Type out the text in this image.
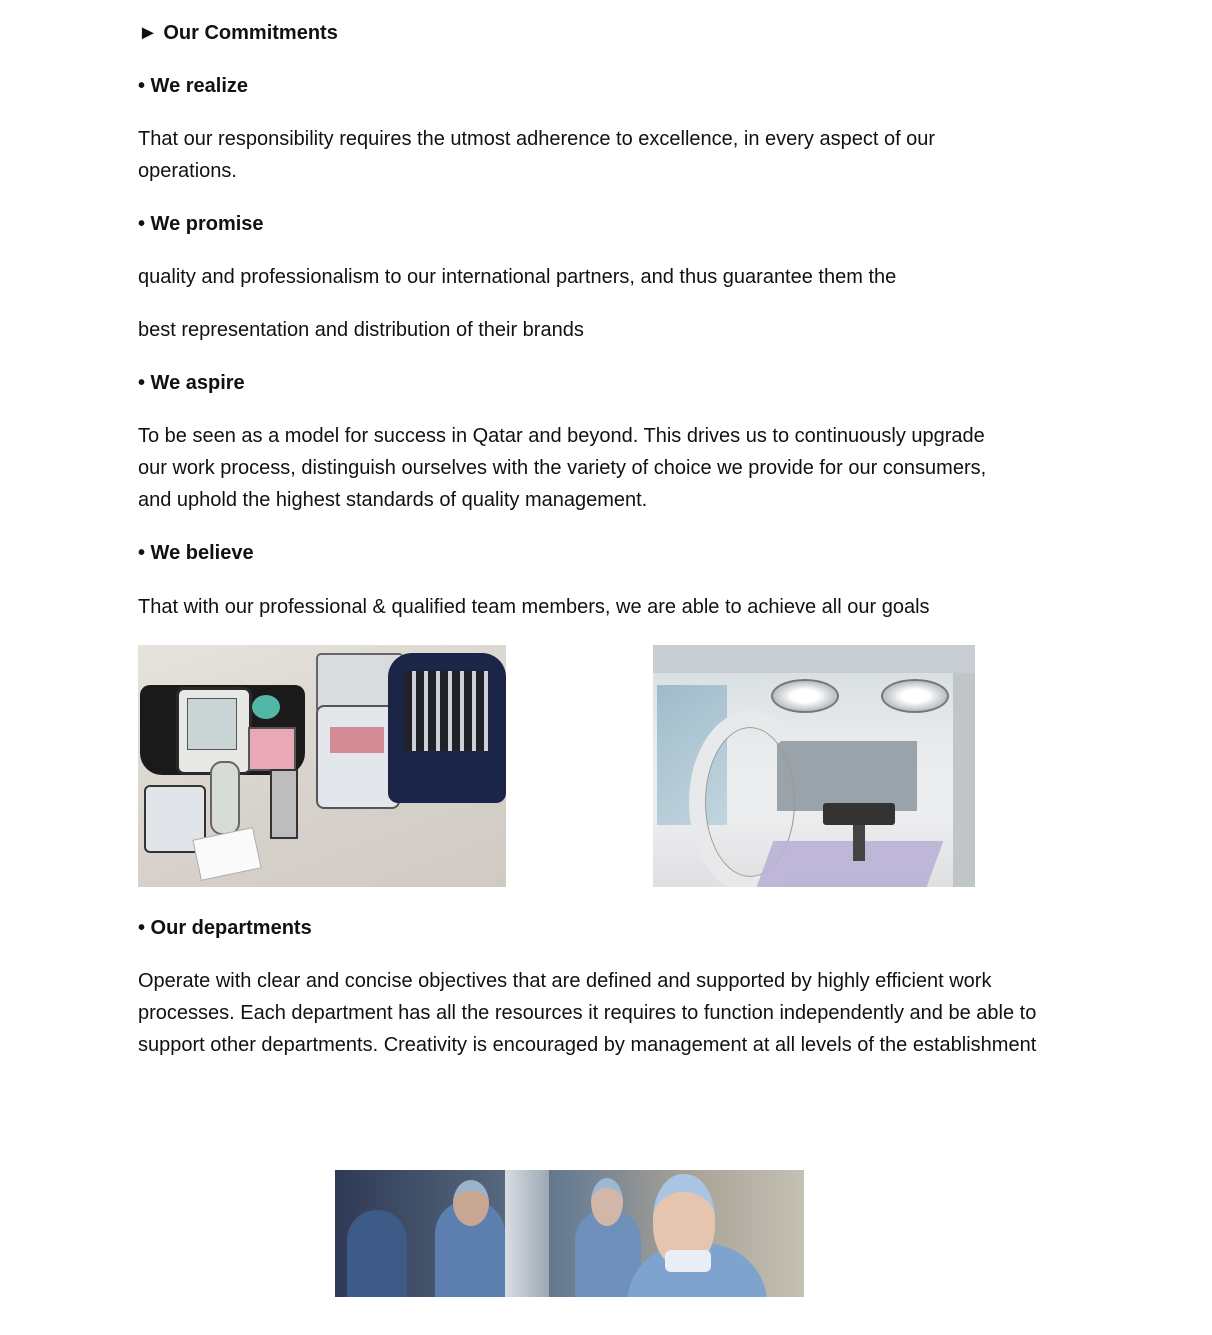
► Our Commitments

• We realize

That our responsibility requires the utmost adherence to excellence, in every aspect of our operations.

• We promise

quality and professionalism to our international partners, and thus guarantee them the

best representation and distribution of their brands

• We aspire

To be seen as a model for success in Qatar and beyond. This drives us to continuously upgrade our work process, distinguish ourselves with the variety of choice we provide for our consumers, and uphold the highest standards of quality management.

• We believe

That with our professional & qualified team members, we are able to achieve all our goals

• Our departments

Operate with clear and concise objectives that are defined and supported by highly efficient work processes. Each department has all the resources it requires to function independently and be able to support other departments. Creativity is encouraged by management at all levels of the establishment
